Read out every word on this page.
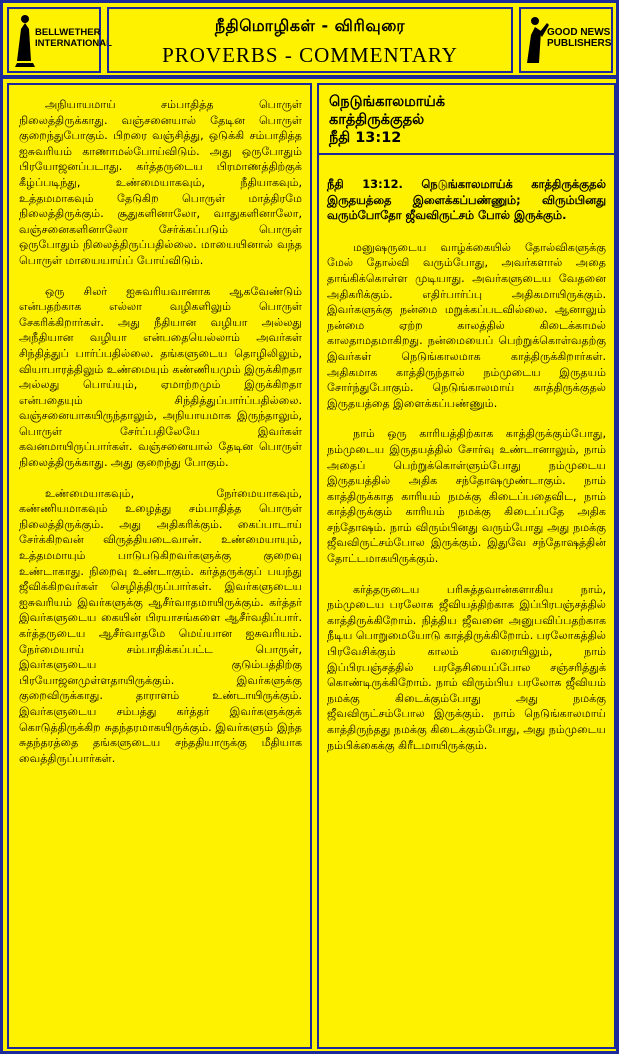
BELLWETHER INTERNATIONAL
நீதிமொழிகள் - விரிவுரை
PROVERBS - COMMENTARY
GOOD NEWS PUBLISHERS

அநியாயமாய் சம்பாதித்த பொருள் நிலைத்திருக்காது. வஞ்சனையால் தேடின பொருள் குறைந்துபோகும். பிறரை வஞ்சித்து, ஒடுக்கி சம்பாதித்த ஐசுவரியம் காணாமல்போய்விடும். அது ஒருபோதும் பிரயோஜனப்படாது. கர்த்தருடைய பிரமாணத்திற்குக் கீழ்ப்படிந்து, உண்மையாகவும், நீதியாகவும், உத்தமமாகவும் தேடுகிற பொருள் மாத்திரமே நிலைத்திருக்கும். சூதுகளினாலோ, வாதுகளினாலோ, வஞ்சனைகளினாலோ சேர்க்கப்படும் பொருள் ஒருபோதும் நிலைத்திருப்பதில்லை. மாயையினால் வந்த பொருள் மாயையாய்ப் போய்விடும்.

ஒரு சிலர் ஐசுவரியவானாக ஆகவேண்டும் என்பதற்காக எல்லா வழிகளிலும் பொருள் சேகரிக்கிறார்கள். அது நீதியான வழியா அல்லது அநீதியான வழியா என்பதையெல்லாம் அவர்கள் சிந்தித்துப் பார்ப்பதில்லை. தங்களுடைய தொழிலிலும், வியாபாரத்திலும் உண்மையும் கண்ணியமும் இருக்கிறதா அல்லது பொய்யும், ஏமாற்றமும் இருக்கிறதா என்பதையும் சிந்தித்துப்பார்ப்பதில்லை. வஞ்சனையாகயிருந்தாலும், அநியாயமாக இருந்தாலும், பொருள் சேர்ப்பதிலேயே இவர்கள் கவனமாயிருப்பார்கள். வஞ்சனையால் தேடின பொருள் நிலைத்திருக்காது. அது குறைந்து போகும்.

உண்மையாகவும், நேர்மையாகவும், கண்ணியமாகவும் உழைத்து சம்பாதித்த பொருள் நிலைத்திருக்கும். அது அதிகரிக்கும். கைப்பாடாய் சேர்க்கிறவன் விருத்தியடைவான். உண்மையாயும், உத்தமமாயும் பாடுபடுகிறவர்களுக்கு குறைவு உண்டாகாது. நிறைவு உண்டாகும். கர்த்தருக்குப் பயந்து ஜீவிக்கிறவர்கள் செழித்திருப்பார்கள். இவர்களுடைய ஐசுவரியம் இவர்களுக்கு ஆசீர்வாதமாயிருக்கும். கர்த்தர் இவர்களுடைய கையின் பிரயாசங்களை ஆசீர்வதிப்பார். கர்த்தருடைய ஆசீர்வாதமே மெய்யான ஐசுவரியம். நேர்மையாய் சம்பாதிக்கப்பட்ட பொருள், இவர்களுடைய குடும்பத்திற்கு பிரயோஜனமுள்ளதாயிருக்கும். இவர்களுக்கு குறைவிருக்காது. தாராளம் உண்டாயிருக்கும். இவர்களுடைய சம்பத்து கர்த்தர் இவர்களுக்குக் கொடுத்திருக்கிற சுதந்தரமாகயிருக்கும். இவர்களும் இந்த சுதந்தரத்தை தங்களுடைய சந்ததியாருக்கு மீதியாக வைத்திருப்பார்கள்.

நெடுங்காலமாய்க்
காத்திருக்குதல்
நீதி 13:12

நீதி 13:12. நெடுங்காலமாய்க் காத்திருக்குதல் இருதயத்தை இளைக்கப்பண்ணும்; விரும்பினது வரும்போதோ ஜீவவிருட்சம் போல் இருக்கும்.

மனுஷருடைய வாழ்க்கையில் தோல்விகளுக்கு மேல் தோல்வி வரும்போது, அவர்களால் அதை தாங்கிக்கொள்ள முடியாது. அவர்களுடைய வேதனை அதிகரிக்கும். எதிர்பார்ப்பு அதிகமாயிருக்கும். இவர்களுக்கு நன்மை மறுக்கப்படவில்லை. ஆனாலும் நன்மை ஏற்ற காலத்தில் கிடைக்காமல் காலதாமதமாகிறது. நன்மையைப் பெற்றுக்கொள்வதற்கு இவர்கள் நெடுங்காலமாக காத்திருக்கிறார்கள். அதிகமாக காத்திருந்தால் நம்முடைய இருதயம் சோர்ந்துபோகும். நெடுங்காலமாய் காத்திருக்குதல் இருதயத்தை இளைக்கப்பண்ணும்.

நாம் ஒரு காரியத்திற்காக காத்திருக்கும்போது, நம்முடைய இருதயத்தில் சோர்வு உண்டானாலும், நாம் அதைப் பெற்றுக்கொள்ளும்போது நம்முடைய இருதயத்தில் அதிக சந்தோஷமுண்டாகும். நாம் காத்திருக்காத காரியம் நமக்கு கிடைப்பதைவிட, நாம் காத்திருக்கும் காரியம் நமக்கு கிடைப்பதே அதிக சந்தோஷம். நாம் விரும்பினது வரும்போது அது நமக்கு ஜீவவிருட்சம்போல இருக்கும். இதுவே சந்தோஷத்தின் தோட்டமாகயிருக்கும்.

கர்த்தருடைய பரிசுத்தவான்களாகிய நாம், நம்முடைய பரலோக ஜீவியத்திற்காக இப்பிரபஞ்சத்தில் காத்திருக்கிறோம். நித்திய ஜீவனை அனுபவிப்பதற்காக நீடிய பொறுமையோடு காத்திருக்கிறோம். பரலோகத்தில் பிரவேசிக்கும் காலம் வரையிலும், நாம் இப்பிரபஞ்சத்தில் பரதேசியைப்போல சஞ்சரித்துக் கொண்டிருக்கிறோம். நாம் விரும்பிய பரலோக ஜீவியம் நமக்கு கிடைக்கும்போது அது நமக்கு ஜீவவிருட்சம்போல இருக்கும். நாம் நெடுங்காலமாய் காத்திருந்தது நமக்கு கிடைக்கும்போது, அது நம்முடைய நம்பிக்கைக்கு கிரீடமாயிருக்கும்.
